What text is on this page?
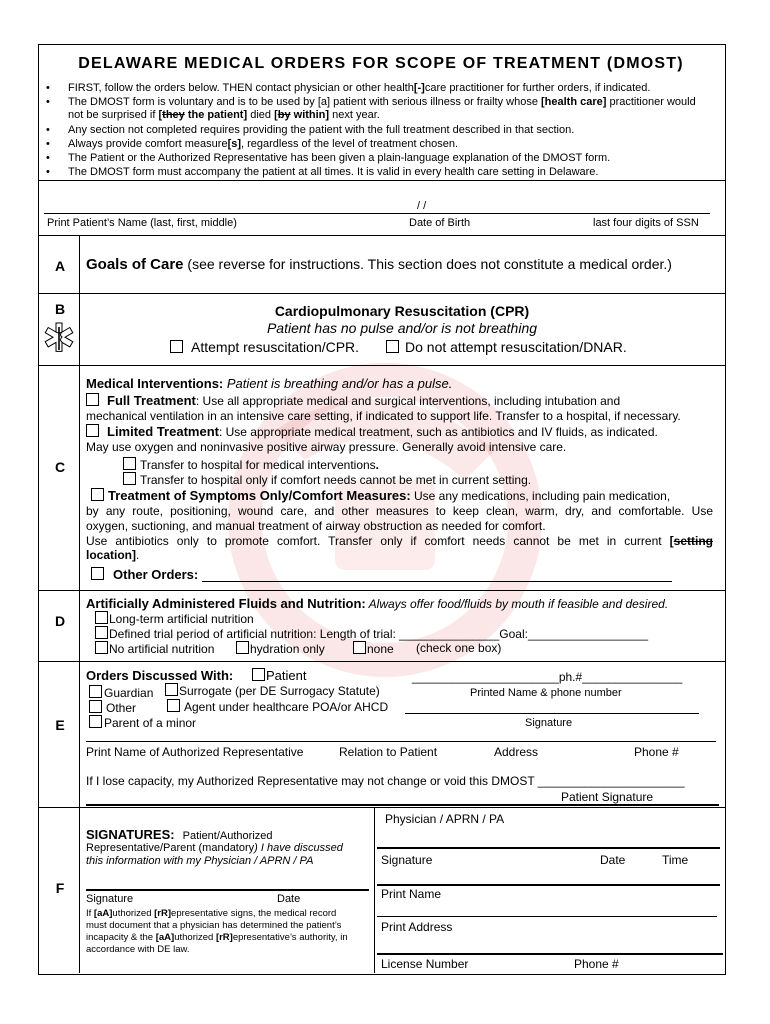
DELAWARE MEDICAL ORDERS FOR SCOPE OF TREATMENT (DMOST)
• FIRST, follow the orders below. THEN contact physician or other health[-]care practitioner for further orders, if indicated.
• The DMOST form is voluntary and is to be used by [a] patient with serious illness or frailty whose [health care] practitioner would
not be surprised if [they the patient] died [by within] next year.
• Any section not completed requires providing the patient with the full treatment described in that section.
• Always provide comfort measure[s], regardless of the level of treatment chosen.
• The Patient or the Authorized Representative has been given a plain-language explanation of the DMOST form.
• The DMOST form must accompany the patient at all times. It is valid in every health care setting in Delaware.
/ /
Print Patient’s Name (last, first, middle)	Date of Birth	last four digits of SSN
A	Goals of Care (see reverse for instructions. This section does not constitute a medical order.)
B	Cardiopulmonary Resuscitation (CPR)
Patient has no pulse and/or is not breathing
Attempt resuscitation/CPR.	Do not attempt resuscitation/DNAR.
C
Medical Interventions: Patient is breathing and/or has a pulse.
Full Treatment: Use all appropriate medical and surgical interventions, including intubation and
mechanical ventilation in an intensive care setting, if indicated to support life. Transfer to a hospital, if necessary.
Limited Treatment: Use appropriate medical treatment, such as antibiotics and IV fluids, as indicated.
May use oxygen and noninvasive positive airway pressure. Generally avoid intensive care.
Transfer to hospital for medical interventions.
Transfer to hospital only if comfort needs cannot be met in current setting.
Treatment of Symptoms Only/Comfort Measures: Use any medications, including pain medication,
by any route, positioning, wound care, and other measures to keep clean, warm, dry, and comfortable. Use
oxygen, suctioning, and manual treatment of airway obstruction as needed for comfort.
Use antibiotics only to promote comfort. Transfer only if comfort needs cannot be met in current [setting
location].
Other Orders:
D
Artificially Administered Fluids and Nutrition: Always offer food/fluids by mouth if feasible and desired.
Long-term artificial nutrition
Defined trial period of artificial nutrition: Length of trial: _______________Goal:__________________
No artificial nutrition	hydration only	none (check one box)
E
Orders Discussed With:	Patient	______________________ph.#_______________
Guardian	Surrogate (per DE Surrogacy Statute)	Printed Name & phone number
Other	Agent under healthcare POA/or AHCD
Parent of a minor	Signature
Print Name of Authorized Representative	Relation to Patient	Address	Phone #
If I lose capacity, my Authorized Representative may not change or void this DMOST ______________________
Patient Signature
F
SIGNATURES: Patient/Authorized
Representative/Parent (mandatory) I have discussed
this information with my Physician / APRN / PA
Signature	Date
If [aA]uthorized [rR]epresentative signs, the medical record
must document that a physician has determined the patient’s
incapacity & the [aA]uthorized [rR]epresentative’s authority, in
accordance with DE law.
Physician / APRN / PA
Signature	Date	Time
Print Name
Print Address
License Number	Phone #
